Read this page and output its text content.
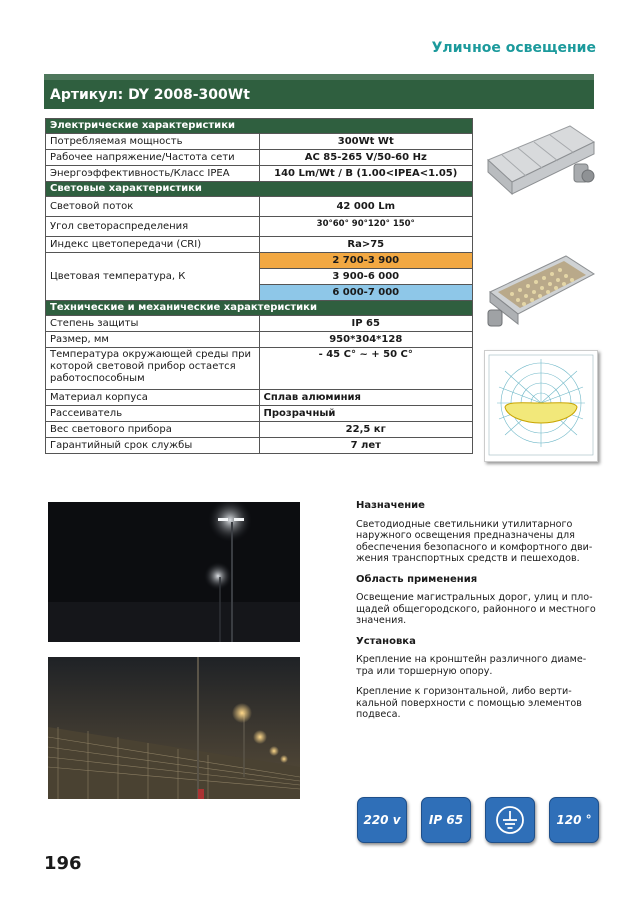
Уличное освещение
Артикул: DY 2008-300Wt
Электрические характеристики	
Потребляемая мощность	300Wt Wt
Рабочее напряжение/Частота сети	AC 85-265 V/50-60 Hz
Энергоэффективность/Класс IPEA	140 Lm/Wt / B (1.00<IPEA<1.05)
Световые характеристики	
Световой поток	42 000 Lm
Угол светораспределения	30°60° 90°120° 150°
Индекс цветопередачи (CRI)	Ra>75
Цветовая температура, К	2 700-3 900
	3 900-6 000
	6 000-7 000
Технические и механические характеристики	
Степень защиты	IP 65
Размер, мм	950*304*128
Температура окружающей среды при которой световой прибор остается работоспособным	- 45 С° ~ + 50 С°
Материал корпуса	Сплав алюминия
Рассеиватель	Прозрачный
Вес светового прибора	22,5 кг
Гарантийный срок службы	7 лет
Назначение

Светодиодные светильники утилитарного наружного освещения предназначены для обеспечения безопасного и комфортного движения транспортных средств и пешеходов.

Область применения

Освещение магистральных дорог, улиц и площадей общегородского, районного и местного значения.

Установка

Крепление на кронштейн различного диаметра или торшерную опору.

Крепление к горизонтальной, либо вертикальной поверхности с помощью элементов подвеса.

220 v	IP 65	120 °
196
